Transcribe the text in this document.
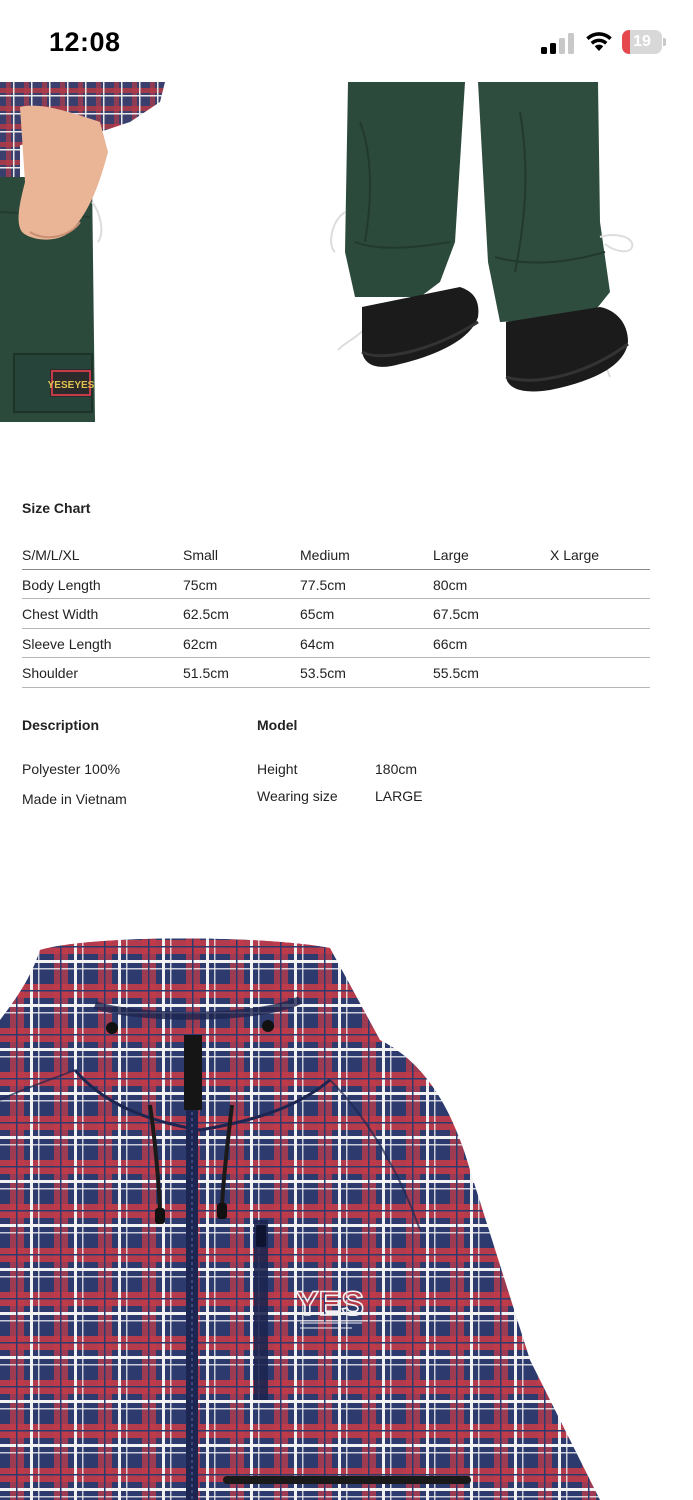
12:08	19
YESEYES
Size Chart
S/M/L/XL	Small	Medium	Large	X Large
Body Length	75cm	77.5cm	80cm
Chest Width	62.5cm	65cm	67.5cm
Sleeve Length	62cm	64cm	66cm
Shoulder	51.5cm	53.5cm	55.5cm
Description
Polyester 100%
Made in Vietnam
Model
Height	180cm
Wearing size	LARGE
YES
